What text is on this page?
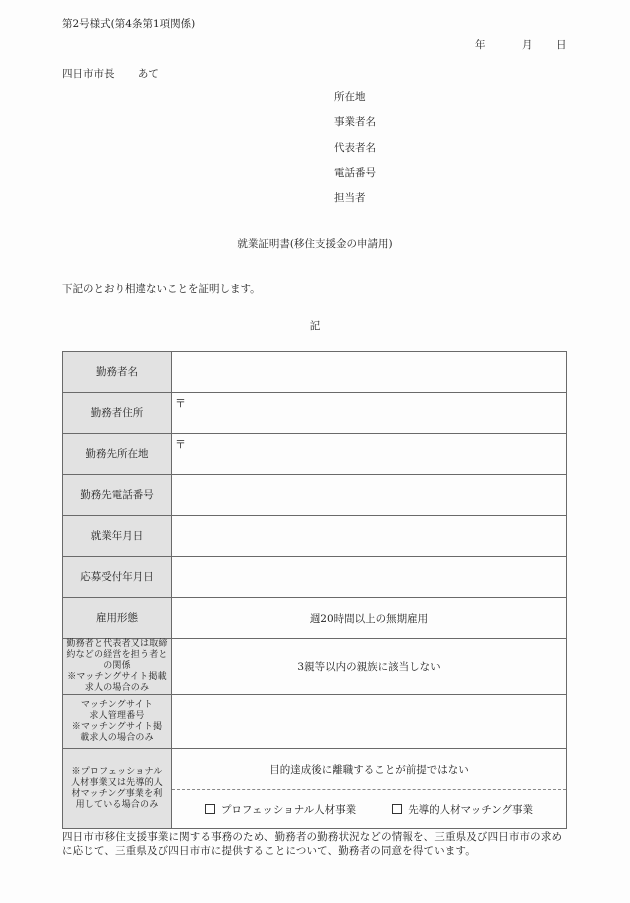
第2号様式(第4条第1項関係)
年	月 日
四日市市長 あて
所在地
事業者名
代表者名
電話番号
担当者
就業証明書(移住支援金の申請用)
下記のとおり相違ないことを証明します。
記
勤務者名	
勤務者住所	〒

勤務先所在地	〒

勤務先電話番号	
就業年月日	
応募受付年月日	
雇用形態	週20時間以上の無期雇用

勤務者と代表者又は取締
約などの経営を担う者と
の関係
※マッチングサイト掲載
求人の場合のみ	3親等以内の親族に該当しない

マッチングサイト
求人管理番号
※マッチングサイト掲
載求人の場合のみ	

※プロフェッショナル
人材事業又は先導的人
材マッチング事業を利
用している場合のみ

目的達成後に離職することが前提ではない
プロフェッショナル人材事業	先導的人材マッチング事業
四日市市移住支援事業に関する事務のため、勤務者の勤務状況などの情報を、三重県及び四日市市の求めに応じて、三重県及び四日市市に提供することについて、勤務者の同意を得ています。
